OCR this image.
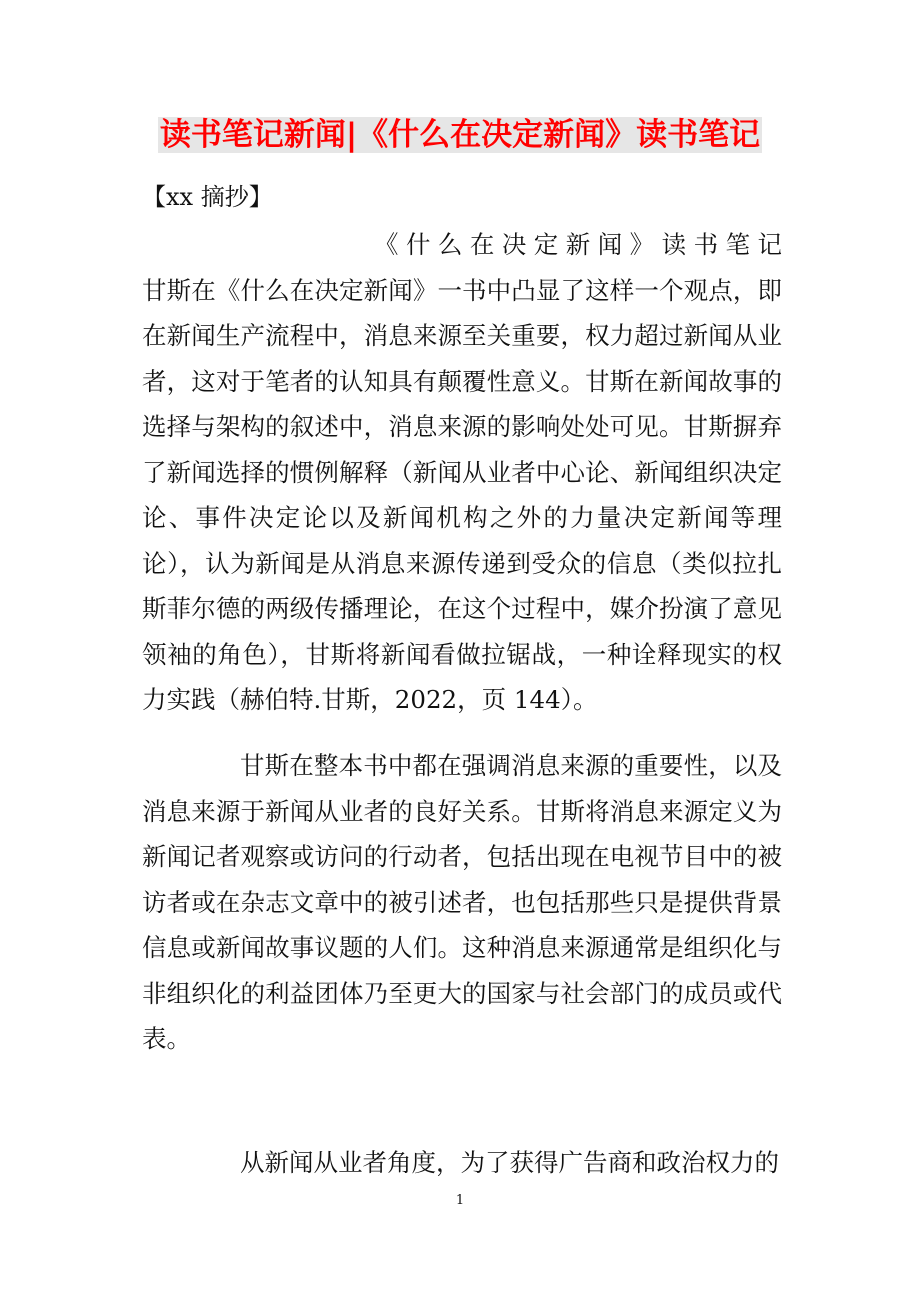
读书笔记新闻|《什么在决定新闻》读书笔记
【xx 摘抄】

《什么在决定新闻》读书笔记　　　甘斯在《什么在决定新闻》一书中凸显了这样一个观点，即在新闻生产流程中，消息来源至关重要，权力超过新闻从业者，这对于笔者的认知具有颠覆性意义。甘斯在新闻故事的选择与架构的叙述中，消息来源的影响处处可见。甘斯摒弃了新闻选择的惯例解释（新闻从业者中心论、新闻组织决定论、事件决定论以及新闻机构之外的力量决定新闻等理论），认为新闻是从消息来源传递到受众的信息（类似拉扎斯菲尔德的两级传播理论，在这个过程中，媒介扮演了意见领袖的角色），甘斯将新闻看做拉锯战，一种诠释现实的权力实践（赫伯特.甘斯，2022，页 144）。

甘斯在整本书中都在强调消息来源的重要性，以及消息来源于新闻从业者的良好关系。甘斯将消息来源定义为新闻记者观察或访问的行动者，包括出现在电视节目中的被访者或在杂志文章中的被引述者，也包括那些只是提供背景信息或新闻故事议题的人们。这种消息来源通常是组织化与非组织化的利益团体乃至更大的国家与社会部门的成员或代表。

从新闻从业者角度，为了获得广告商和政治权力的

1
